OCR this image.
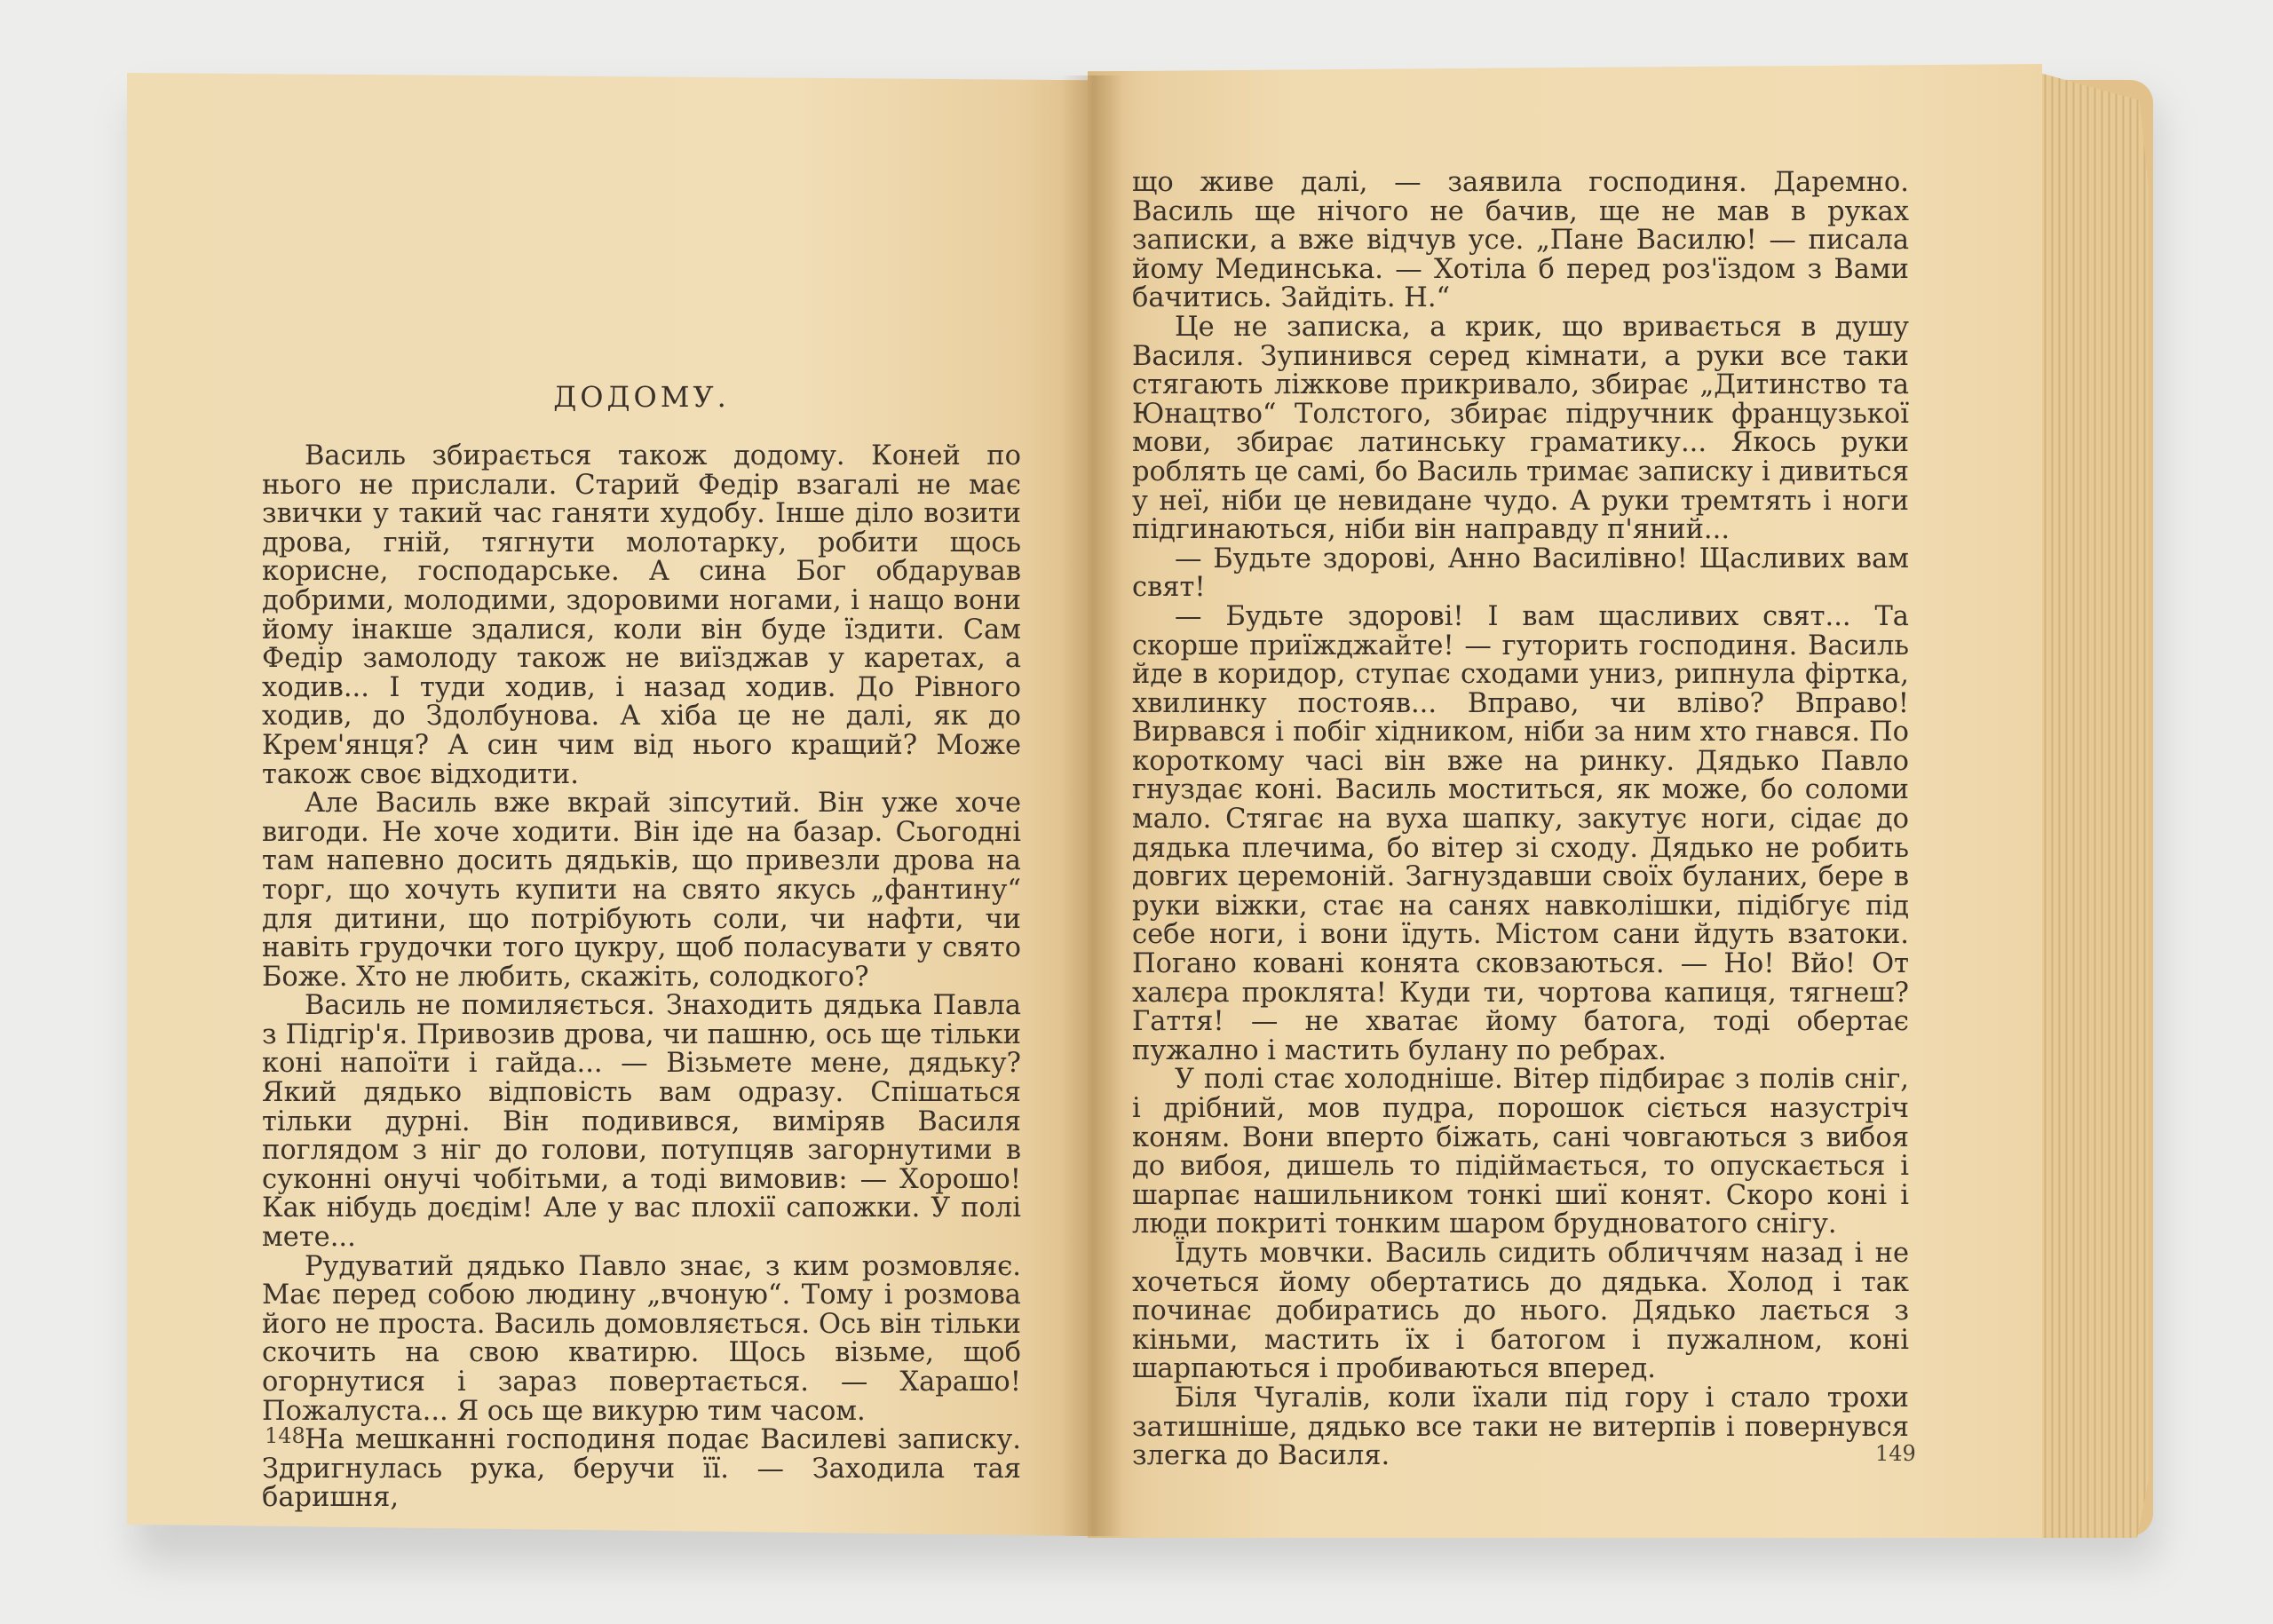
ДОДОМУ.

Василь збирається також додому. Коней по нього не прислали. Старий Федір взагалі не має звички у такий час ганяти худобу. Інше діло возити дрова, гній, тягнути молотарку, робити щось корисне, господарське. А сина Бог обдарував добрими, молодими, здоровими ногами, і нащо вони йому інакше здалися, коли він буде їздити. Сам Федір замолоду також не виїзджав у каретах, а ходив... І туди ходив, і назад ходив. До Рівного ходив, до Здолбунова. А хіба це не далі, як до Крем'янця? А син чим від нього кращий? Може також своє відходити.

Але Василь вже вкрай зіпсутий. Він уже хоче вигоди. Не хоче ходити. Він іде на базар. Сьогодні там напевно досить дядьків, що привезли дрова на торг, що хочуть купити на свято якусь „фантину“ для дитини, що потрібують соли, чи нафти, чи навіть грудочки того цукру, щоб поласувати у свято Боже. Хто не любить, скажіть, солодкого?

Василь не помиляється. Знаходить дядька Павла з Підгір'я. Привозив дрова, чи пашню, ось ще тільки коні напоїти і гайда... — Візьмете мене, дядьку? Який дядько відповість вам одразу. Спішаться тільки дурні. Він подивився, виміряв Василя поглядом з ніг до голови, потупцяв загорнутими в суконні онучі чобітьми, а тоді вимовив: — Хорошо! Как нібудь доєдім! Але у вас плохії сапожки. У полі мете...

Рудуватий дядько Павло знає, з ким розмовляє. Має перед собою людину „вчоную“. Тому і розмова його не проста. Василь домовляється. Ось він тільки скочить на свою кватирю. Щось візьме, щоб огорнутися і зараз повертається. — Харашо! Пожалуста... Я ось ще викурю тим часом.

На мешканні господиня подає Василеві записку. Здригнулась рука, беручи її. — Заходила тая баришня,

що живе далі, — заявила господиня. Даремно. Василь ще нічого не бачив, ще не мав в руках записки, а вже відчув усе. „Пане Василю! — писала йому Мединська. — Хотіла б перед роз'їздом з Вами бачитись. Зайдіть. Н.“

Це не записка, а крик, що вривається в душу Василя. Зупинився серед кімнати, а руки все таки стягають ліжкове прикривало, збирає „Дитинство та Юнацтво“ Толстого, збирає підручник французької мови, збирає латинську граматику... Якось руки роблять це самі, бо Василь тримає записку і дивиться у неї, ніби це невидане чудо. А руки тремтять і ноги підгинаються, ніби він направду п'яний...

— Будьте здорові, Анно Василівно! Щасливих вам свят!

— Будьте здорові! І вам щасливих свят... Та скорше приїжджайте! — гуторить господиня. Василь йде в коридор, ступає сходами униз, рипнула фіртка, хвилинку постояв... Вправо, чи вліво? Вправо! Вирвався і побіг хідником, ніби за ним хто гнався. По короткому часі він вже на ринку. Дядько Павло гнуздає коні. Василь моститься, як може, бо соломи мало. Стягає на вуха шапку, закутує ноги, сідає до дядька плечима, бо вітер зі сходу. Дядько не робить довгих церемоній. Загнуздавши своїх буланих, бере в руки віжки, стає на санях навколішки, підібгує під себе ноги, і вони їдуть. Містом сани йдуть взатоки. Погано ковані конята сковзаються. — Но! Вйо! От халєра проклята! Куди ти, чортова капиця, тягнеш? Гаття! — не хватає йому батога, тоді обертає пужално і мастить булану по ребрах.

У полі стає холодніше. Вітер підбирає з полів сніг, і дрібний, мов пудра, порошок сіється назустріч коням. Вони вперто біжать, сані човгаються з вибоя до вибоя, дишель то підіймається, то опускається і шарпає нашильником тонкі шиї конят. Скоро коні і люди покриті тонким шаром брудноватого снігу.

Їдуть мовчки. Василь сидить обличчям назад і не хочеться йому обертатись до дядька. Холод і так починає добиратись до нього. Дядько лається з кіньми, мастить їх і батогом і пужалном, коні шарпаються і пробиваються вперед.

Біля Чугалів, коли їхали під гору і стало трохи затишніше, дядько все таки не витерпів і повернувся злегка до Василя.

148
149
